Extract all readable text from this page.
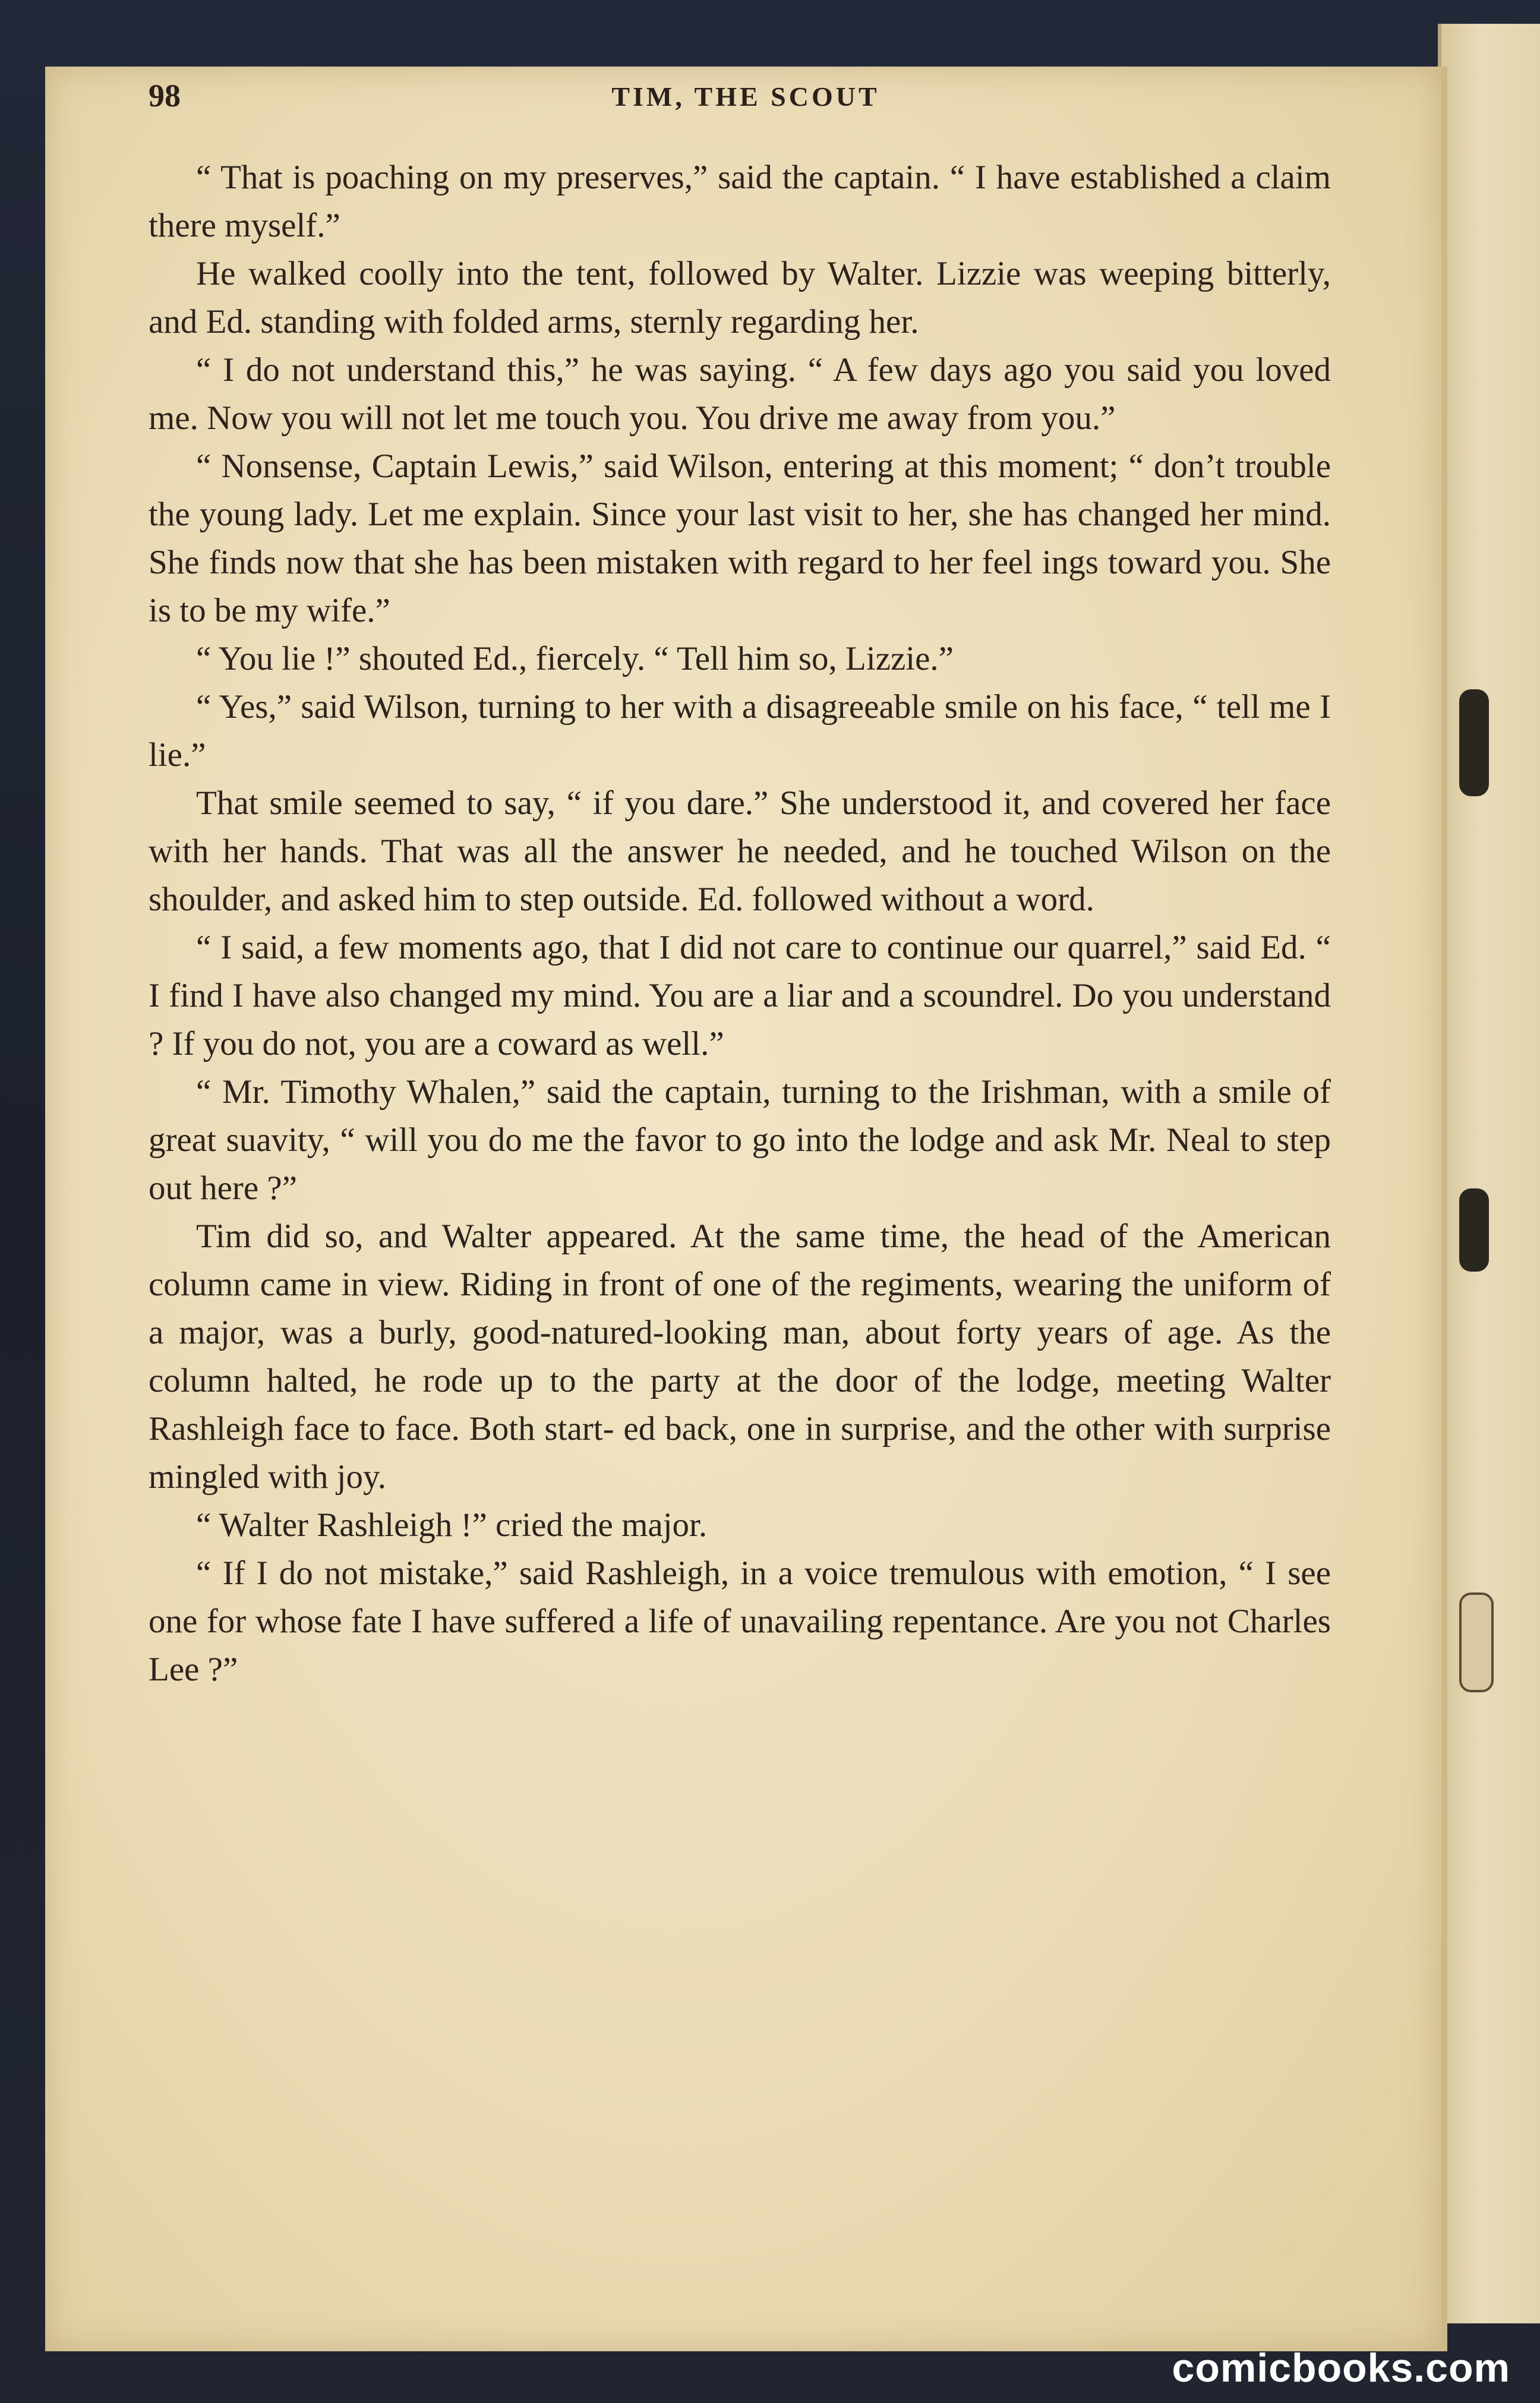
98	TIM, THE SCOUT

“ That is poaching on my preserves,” said the captain. “ I have established a claim there myself.”

He walked coolly into the tent, followed by Walter. Lizzie was weeping bitterly, and Ed. standing with folded arms, sternly regarding her.

“ I do not understand this,” he was saying. “ A few days ago you said you loved me. Now you will not let me touch you. You drive me away from you.”

“ Nonsense, Captain Lewis,” said Wilson, entering at this moment; “ don’t trouble the young lady. Let me explain. Since your last visit to her, she has changed her mind. She finds now that she has been mistaken with regard to her feel ings toward you. She is to be my wife.”

“ You lie !” shouted Ed., fiercely. “ Tell him so, Lizzie.”

“ Yes,” said Wilson, turning to her with a disagreeable smile on his face, “ tell me I lie.”

That smile seemed to say, “ if you dare.” She understood it, and covered her face with her hands. That was all the answer he needed, and he touched Wilson on the shoulder, and asked him to step outside. Ed. followed without a word.

“ I said, a few moments ago, that I did not care to continue our quarrel,” said Ed. “ I find I have also changed my mind. You are a liar and a scoundrel. Do you understand ? If you do not, you are a coward as well.”

“ Mr. Timothy Whalen,” said the captain, turning to the Irishman, with a smile of great suavity, “ will you do me the favor to go into the lodge and ask Mr. Neal to step out here ?”

Tim did so, and Walter appeared. At the same time, the head of the American column came in view. Riding in front of one of the regiments, wearing the uniform of a major, was a burly, good-natured-looking man, about forty years of age. As the column halted, he rode up to the party at the door of the lodge, meeting Walter Rashleigh face to face. Both start- ed back, one in surprise, and the other with surprise mingled with joy.

“ Walter Rashleigh !” cried the major.

“ If I do not mistake,” said Rashleigh, in a voice tremulous with emotion, “ I see one for whose fate I have suffered a life of unavailing repentance. Are you not Charles Lee ?”

comicbooks.com
